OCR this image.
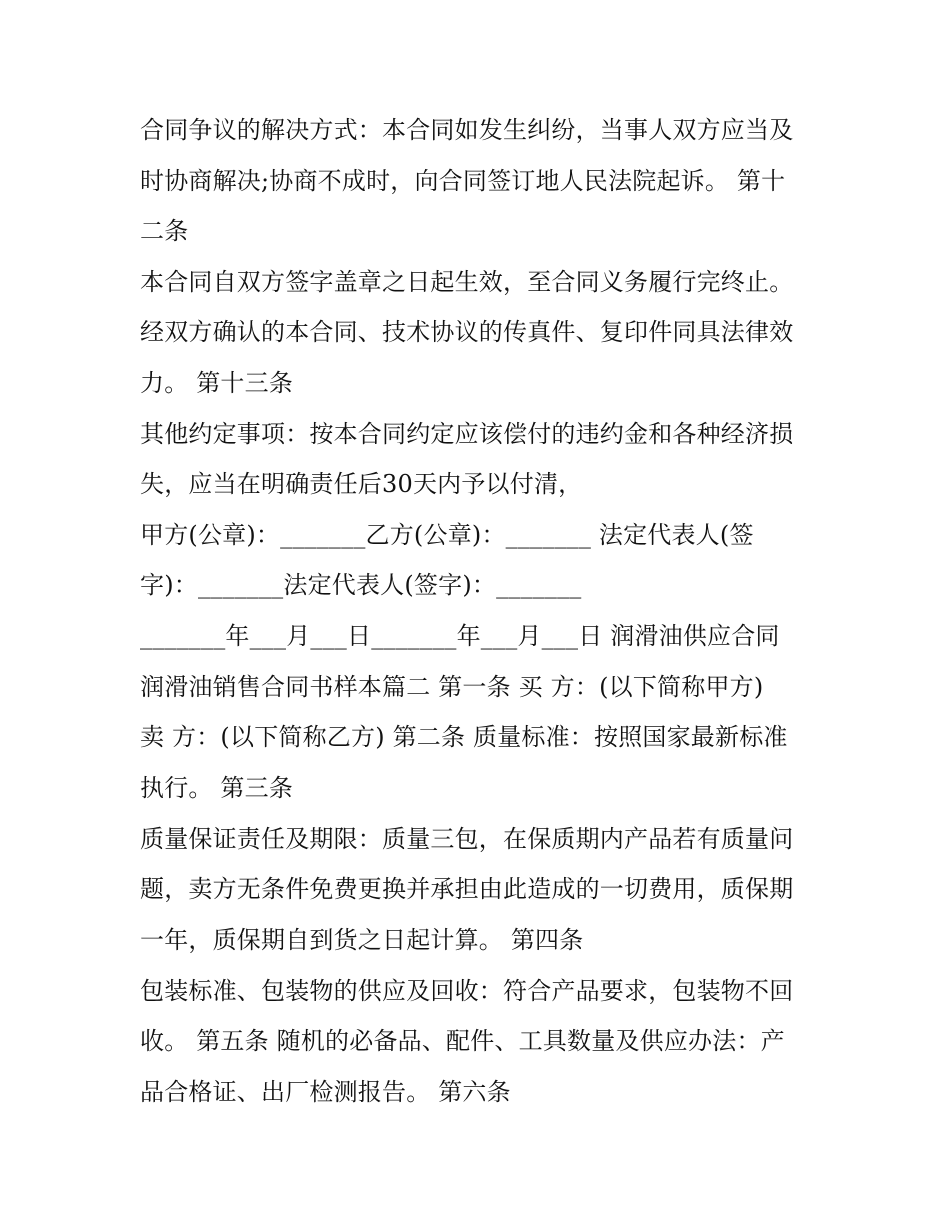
合同争议的解决方式：本合同如发生纠纷，当事人双方应当及
时协商解决;协商不成时，向合同签订地人民法院起诉。 第十
二条
本合同自双方签字盖章之日起生效，至合同义务履行完终止。
经双方确认的本合同、技术协议的传真件、复印件同具法律效
力。 第十三条
其他约定事项：按本合同约定应该偿付的违约金和各种经济损
失，应当在明确责任后30天内予以付清，
甲方(公章)：_______乙方(公章)：_______ 法定代表人(签
字)：_______法定代表人(签字)：_______
_______年___月___日_______年___月___日 润滑油供应合同
润滑油销售合同书样本篇二 第一条 买 方：(以下简称甲方)
卖 方：(以下简称乙方) 第二条 质量标准：按照国家最新标准
执行。 第三条
质量保证责任及期限：质量三包，在保质期内产品若有质量问
题，卖方无条件免费更换并承担由此造成的一切费用，质保期
一年，质保期自到货之日起计算。 第四条
包装标准、包装物的供应及回收：符合产品要求，包装物不回
收。 第五条 随机的必备品、配件、工具数量及供应办法：产
品合格证、出厂检测报告。 第六条
